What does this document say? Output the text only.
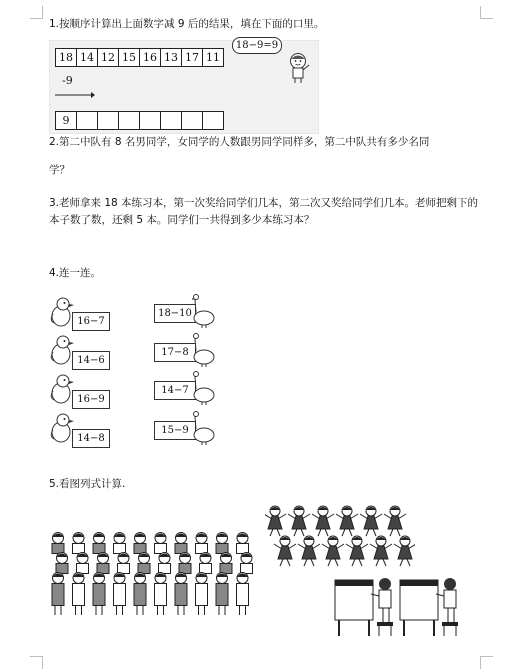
1.按顺序计算出上面数字减 9 后的结果，填在下面的口里。
18 14 12 15 16 13 17 11
-9
9
18−9=9
2.第二中队有 8 名男同学，女同学的人数跟男同学同样多，第二中队共有多少名同
学？
3.老师拿来 18 本练习本，第一次奖给同学们几本，第二次又奖给同学们几本。老师把剩下的本子数了数，还剩 5 本。同学们一共得到多少本练习本？
4.连一连。
16−7
14−6
16−9
14−8
18−10
17−8
14−7
15−9
5.看图列式计算.
